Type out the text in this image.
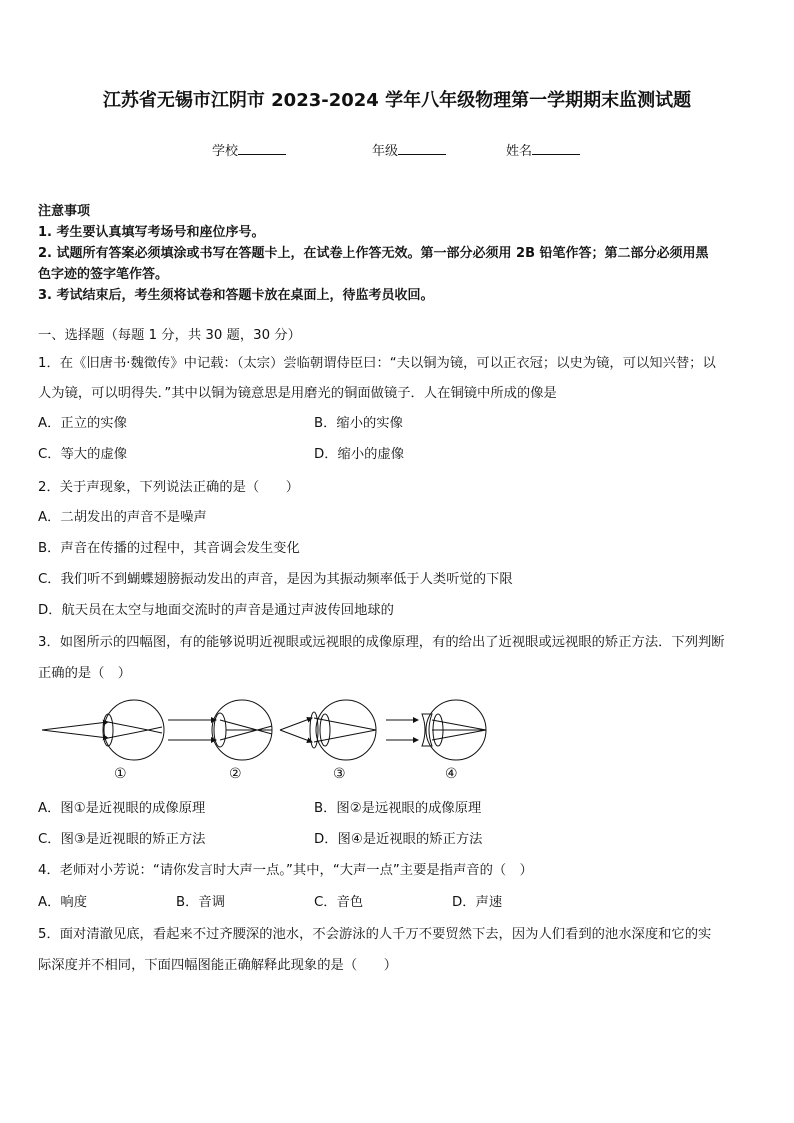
江苏省无锡市江阴市 2023-2024 学年八年级物理第一学期期末监测试题
学校	年级	姓名
注意事项
1. 考生要认真填写考场号和座位序号。
2. 试题所有答案必须填涂或书写在答题卡上，在试卷上作答无效。第一部分必须用 2B 铅笔作答；第二部分必须用黑
色字迹的签字笔作答。
3. 考试结束后，考生须将试卷和答题卡放在桌面上，待监考员收回。
一、选择题（每题 1 分，共 30 题，30 分）
1．在《旧唐书·魏徵传》中记载：（太宗）尝临朝谓侍臣曰：“夫以铜为镜，可以正衣冠；以史为镜，可以知兴替；以
人为镜，可以明得失．”其中以铜为镜意思是用磨光的铜面做镜子．人在铜镜中所成的像是
A．正立的实像	B．缩小的实像
C．等大的虚像	D．缩小的虚像
2．关于声现象，下列说法正确的是（　　）
A．二胡发出的声音不是噪声
B．声音在传播的过程中，其音调会发生变化
C．我们听不到蝴蝶翅膀振动发出的声音，是因为其振动频率低于人类听觉的下限
D．航天员在太空与地面交流时的声音是通过声波传回地球的
3．如图所示的四幅图，有的能够说明近视眼或远视眼的成像原理，有的给出了近视眼或远视眼的矫正方法．下列判断
正确的是（　）
①	②	③	④
A．图①是近视眼的成像原理	B．图②是远视眼的成像原理
C．图③是近视眼的矫正方法	D．图④是近视眼的矫正方法
4．老师对小芳说：“请你发言时大声一点。”其中，“大声一点”主要是指声音的（　）
A．响度	B．音调	C．音色	D．声速
5．面对清澈见底，看起来不过齐腰深的池水，不会游泳的人千万不要贸然下去，因为人们看到的池水深度和它的实
际深度并不相同，下面四幅图能正确解释此现象的是（　　）
